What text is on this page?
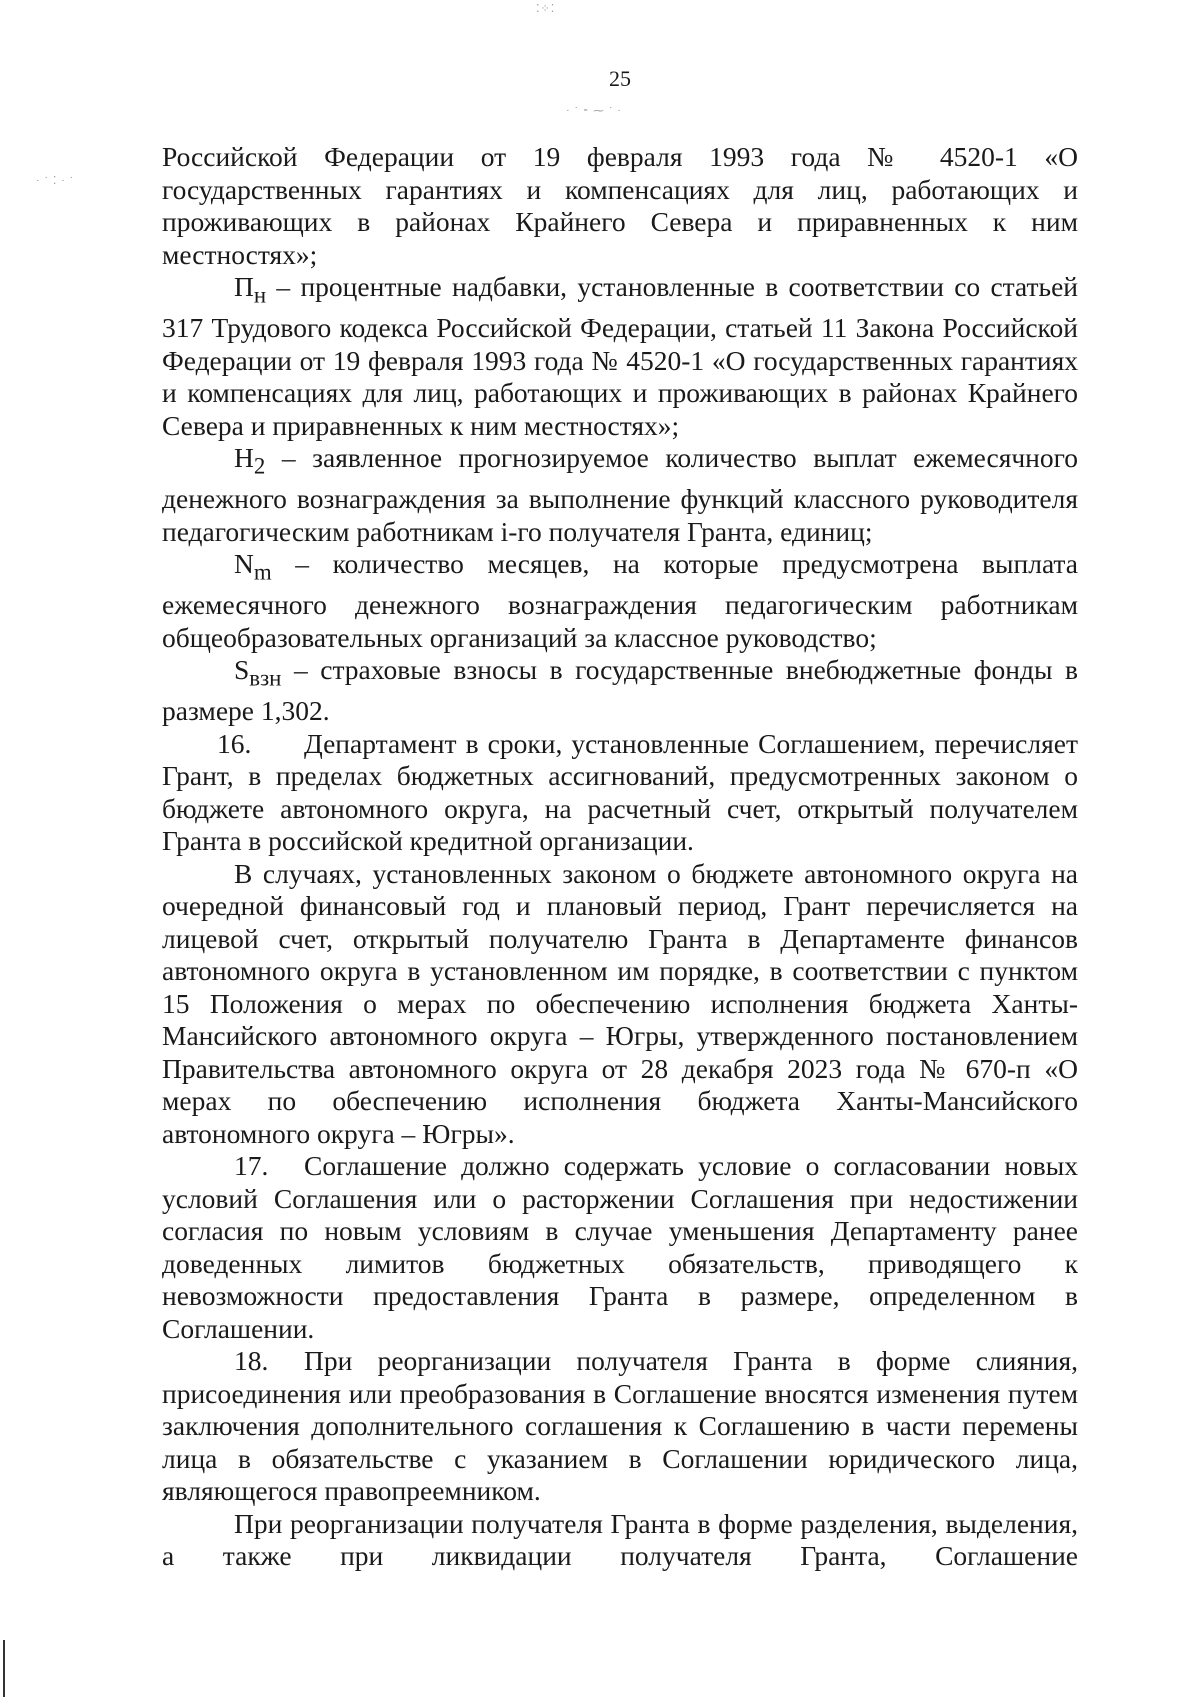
25
⁚⁘⁚
· ˙ ⁃ ⁓ ˙ ·
· ˙ ⁚ · ˙

Российской Федерации от 19 февраля 1993 года № 4520-1 «О государственных гарантиях и компенсациях для лиц, работающих и проживающих в районах Крайнего Севера и приравненных к ним местностях»;

$П_н$ – процентные надбавки, установленные в соответствии со статьей 317 Трудового кодекса Российской Федерации, статьей 11 Закона Российской Федерации от 19 февраля 1993 года № 4520-1 «О государственных гарантиях и компенсациях для лиц, работающих и проживающих в районах Крайнего Севера и приравненных к ним местностях»;

$Н_2$ – заявленное прогнозируемое количество выплат ежемесячного денежного вознаграждения за выполнение функций классного руководителя педагогическим работникам i-го получателя Гранта, единиц;

$N_m$ – количество месяцев, на которые предусмотрена выплата ежемесячного денежного вознаграждения педагогическим работникам общеобразовательных организаций за классное руководство;

$S_{взн}$ – страховые взносы в государственные внебюджетные фонды в размере 1,302.

16. Департамент в сроки, установленные Соглашением, перечисляет Грант, в пределах бюджетных ассигнований, предусмотренных законом о бюджете автономного округа, на расчетный счет, открытый получателем Гранта в российской кредитной организации.

В случаях, установленных законом о бюджете автономного округа на очередной финансовый год и плановый период, Грант перечисляется на лицевой счет, открытый получателю Гранта в Департаменте финансов автономного округа в установленном им порядке, в соответствии с пунктом 15 Положения о мерах по обеспечению исполнения бюджета Ханты-Мансийского автономного округа – Югры, утвержденного постановлением Правительства автономного округа от 28 декабря 2023 года № 670-п «О мерах по обеспечению исполнения бюджета Ханты-Мансийского автономного округа – Югры».

17. Соглашение должно содержать условие о согласовании новых условий Соглашения или о расторжении Соглашения при недостижении согласия по новым условиям в случае уменьшения Департаменту ранее доведенных лимитов бюджетных обязательств, приводящего к невозможности предоставления Гранта в размере, определенном в Соглашении.

18. При реорганизации получателя Гранта в форме слияния, присоединения или преобразования в Соглашение вносятся изменения путем заключения дополнительного соглашения к Соглашению в части перемены лица в обязательстве с указанием в Соглашении юридического лица, являющегося правопреемником.

При реорганизации получателя Гранта в форме разделения, выделения, а также при ликвидации получателя Гранта, Соглашение
